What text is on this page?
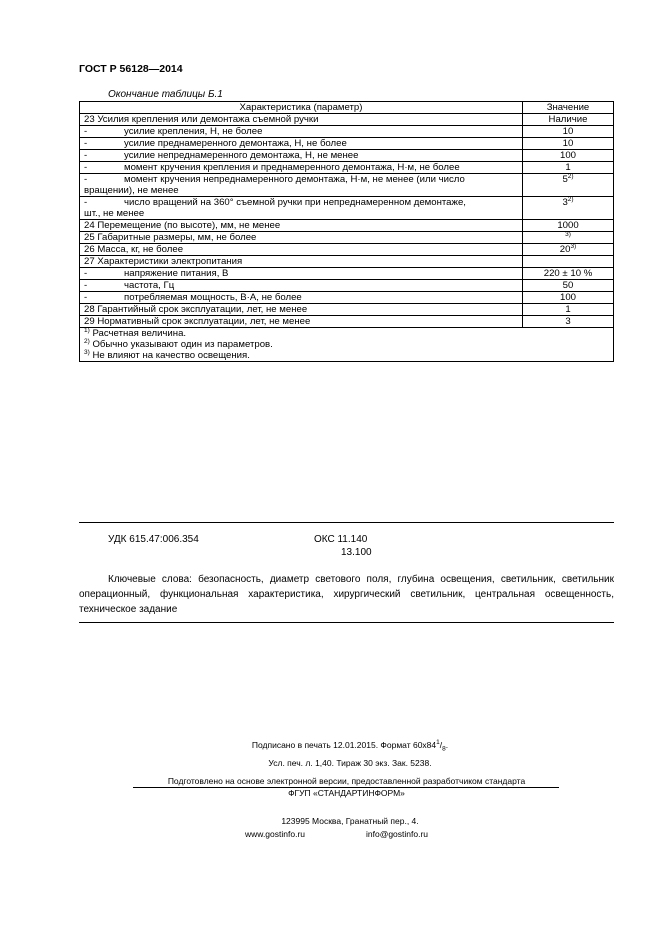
ГОСТ Р 56128—2014
Окончание таблицы Б.1
Характеристика (параметр)	Значение
23 Усилия крепления или демонтажа съемной ручки	Наличие
- усилие крепления, Н, не более	10
- усилие преднамеренного демонтажа, Н, не более	10
- усилие непреднамеренного демонтажа, Н, не менее	100
- момент кручения крепления и преднамеренного демонтажа, Н·м, не более	1
- момент кручения непреднамеренного демонтажа, Н·м, не менее (или число
вращении), не менее	5$^{2)}$
- число вращений на 360° съемной ручки при непреднамеренном демонтаже,
шт., не менее	3$^{2)}$
24 Перемещение (по высоте), мм, не менее	1000
25 Габаритные размеры, мм, не более	$^{3)}$
26 Масса, кг, не более	20$^{3)}$
27 Характеристики электропитания	
- напряжение питания, В	220 ± 10 %
- частота, Гц	50
- потребляемая мощность, В·А, не более	100
28 Гарантийный срок эксплуатации, лет, не менее	1
29 Нормативный срок эксплуатации, лет, не менее	3

$^{1)}$ Расчетная величина.
$^{2)}$ Обычно указывают один из параметров.
$^{3)}$ Не влияют на качество освещения.	
УДК 615.47:006.354	ОКС 11.140
13.100
Ключевые слова: безопасность, диаметр светового поля, глубина освещения, светильник, светильник операционный, функциональная характеристика, хирургический светильник, центральная освещенность, техническое задание
Подписано в печать 12.01.2015. Формат $60x84^1/_8$.
Усл. печ. л. 1,40. Тираж 30 экз. Зак. 5238.
Подготовлено на основе электронной версии, предоставленной разработчиком стандарта
ФГУП «СТАНДАРТИНФОРМ»
123995 Москва, Гранатный пер., 4.
www.gostinfo.ru	info@gostinfo.ru
